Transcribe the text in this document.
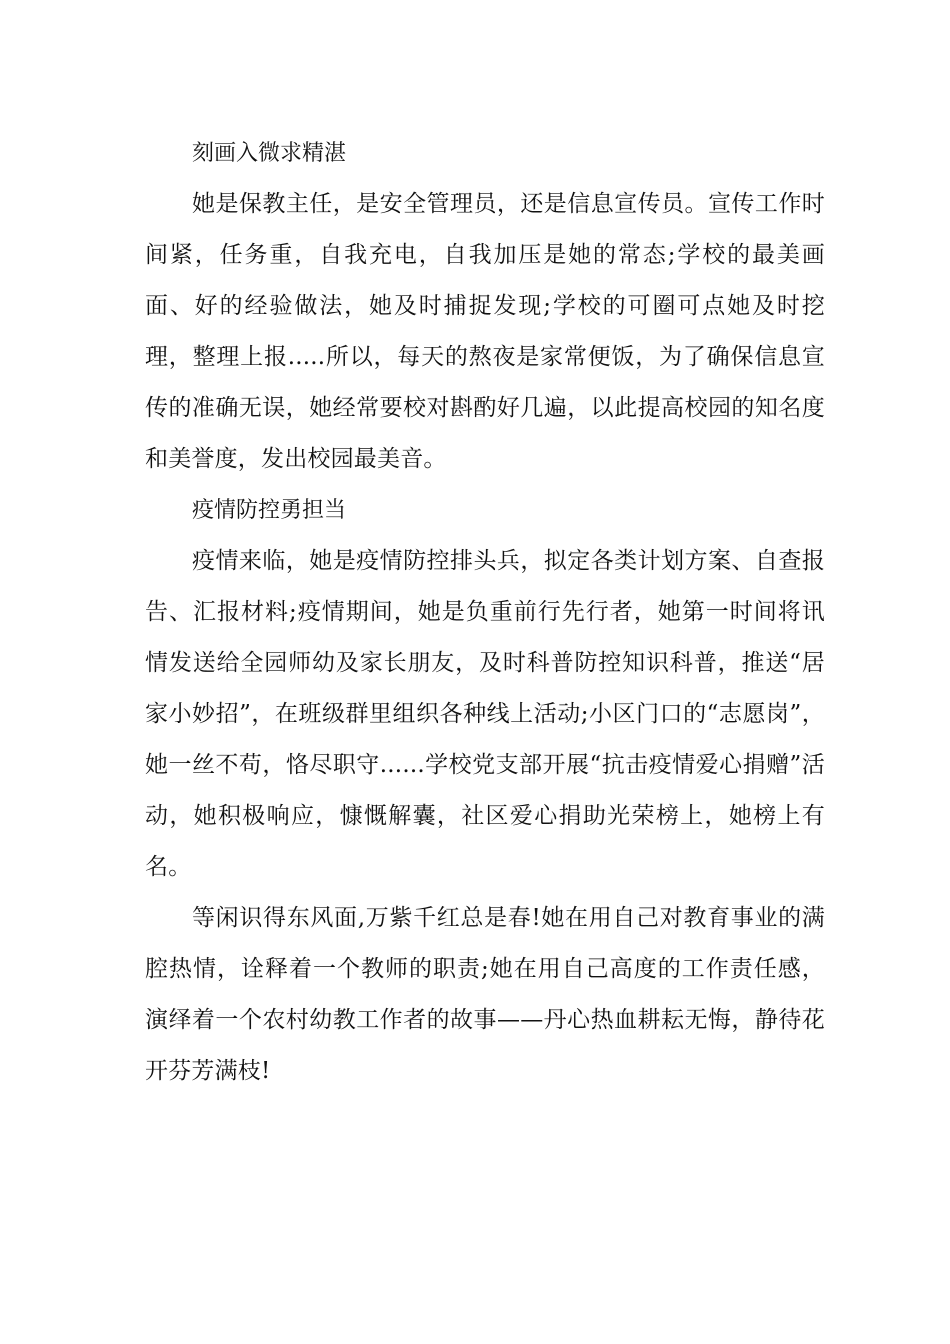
刻画入微求精湛

她是保教主任，是安全管理员，还是信息宣传员。宣传工作时间紧，任务重，自我充电，自我加压是她的常态;学校的最美画面、好的经验做法，她及时捕捉发现;学校的可圈可点她及时挖理，整理上报.....所以，每天的熬夜是家常便饭，为了确保信息宣传的准确无误，她经常要校对斟酌好几遍，以此提高校园的知名度和美誉度，发出校园最美音。

疫情防控勇担当

疫情来临，她是疫情防控排头兵，拟定各类计划方案、自查报告、汇报材料;疫情期间，她是负重前行先行者，她第一时间将讯情发送给全园师幼及家长朋友，及时科普防控知识科普，推送“居家小妙招”，在班级群里组织各种线上活动;小区门口的“志愿岗”，她一丝不苟，恪尽职守......学校党支部开展“抗击疫情爱心捐赠”活动，她积极响应，慷慨解囊，社区爱心捐助光荣榜上，她榜上有名。

等闲识得东风面,万紫千红总是春!她在用自己对教育事业的满腔热情，诠释着一个教师的职责;她在用自己高度的工作责任感，演绎着一个农村幼教工作者的故事——丹心热血耕耘无悔，静待花开芬芳满枝!
